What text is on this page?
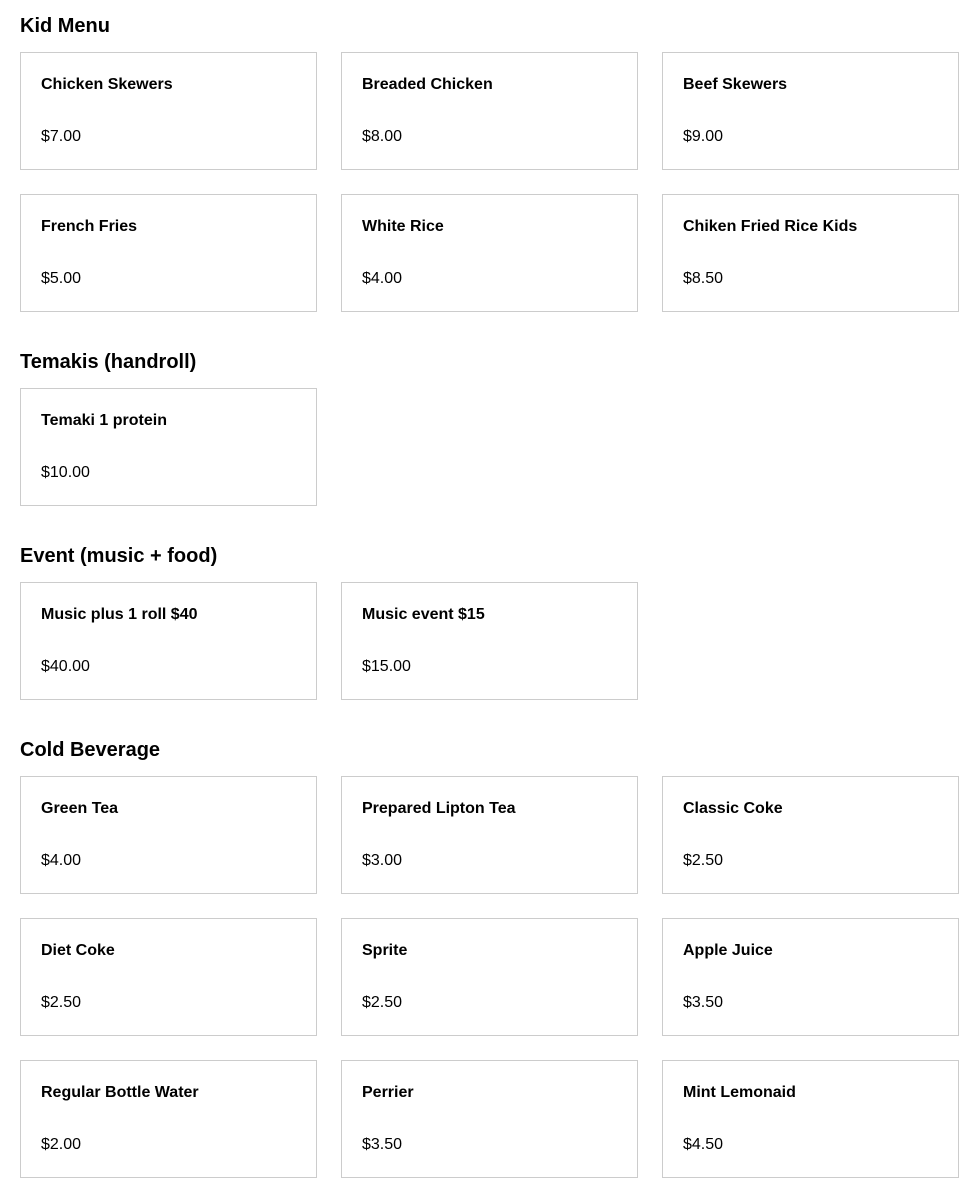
Kid Menu
Chicken Skewers
$7.00
Breaded Chicken
$8.00
Beef Skewers
$9.00
French Fries
$5.00
White Rice
$4.00
Chiken Fried Rice Kids
$8.50
Temakis (handroll)
Temaki 1 protein
$10.00
Event (music + food)
Music plus 1 roll $40
$40.00
Music event $15
$15.00
Cold Beverage
Green Tea
$4.00
Prepared Lipton Tea
$3.00
Classic Coke
$2.50
Diet Coke
$2.50
Sprite
$2.50
Apple Juice
$3.50
Regular Bottle Water
$2.00
Perrier
$3.50
Mint Lemonaid
$4.50
